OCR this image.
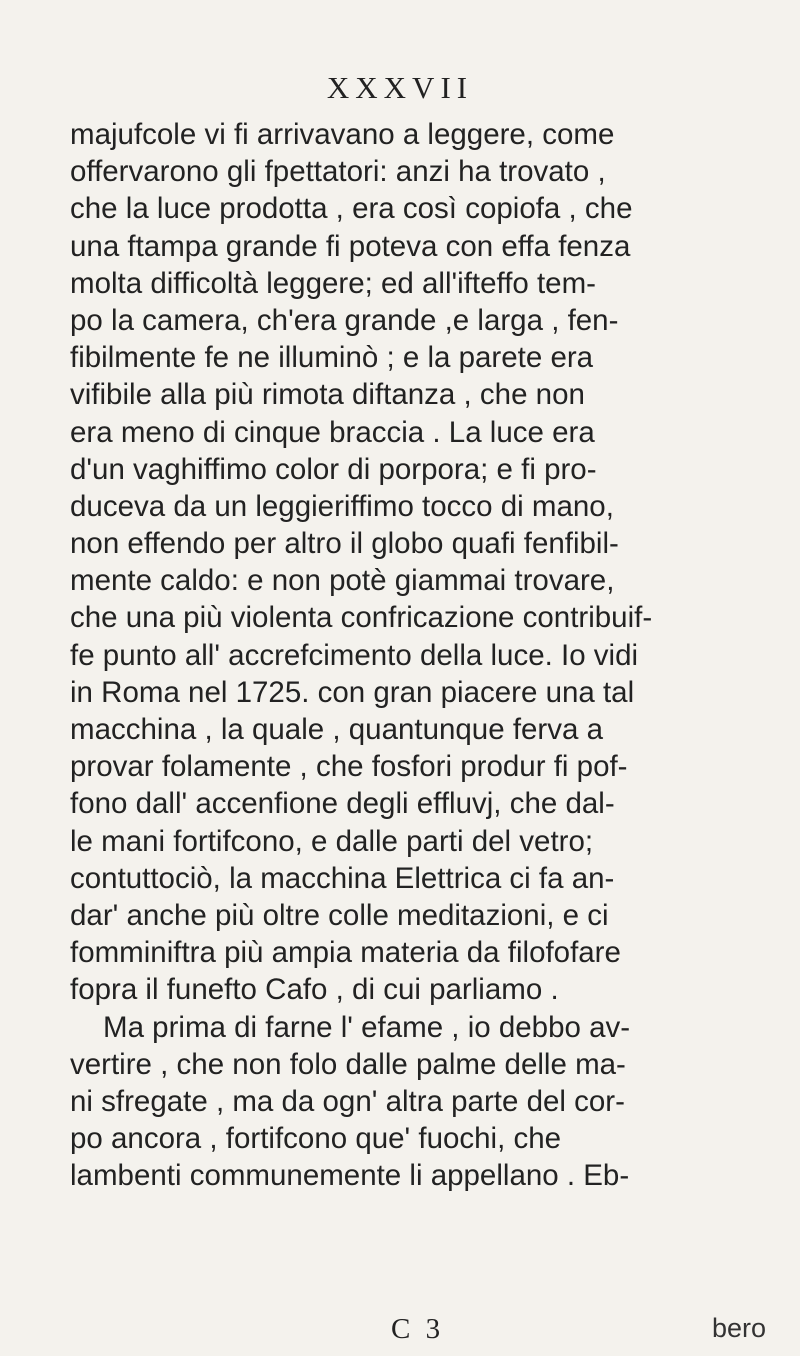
XXXVII
majufcole vi fi arrivavano a leggere, come
offervarono gli fpettatori: anzi ha trovato ,
che la luce prodotta , era così copiofa , che
una ftampa grande fi poteva con effa fenza
molta difficoltà leggere; ed all'ifteffo tem-
po la camera, ch'era grande ,e larga , fen-
fibilmente fe ne illuminò ; e la parete era
vifibile alla più rimota diftanza , che non
era meno di cinque braccia . La luce era
d'un vaghiffimo color di porpora; e fi pro-
duceva da un leggieriffimo tocco di mano,
non effendo per altro il globo quafi fenfibil-
mente caldo: e non potè giammai trovare,
che una più violenta confricazione contribuif-
fe punto all' accrefcimento della luce. Io vidi
in Roma nel 1725. con gran piacere una tal
macchina , la quale , quantunque ferva a
provar folamente , che fosfori produr fi pof-
fono dall' accenfione degli effluvj, che dal-
le mani fortifcono, e dalle parti del vetro;
contuttociò, la macchina Elettrica ci fa an-
dar' anche più oltre colle meditazioni, e ci
fomminiftra più ampia materia da filofofare
fopra il funefto Cafo , di cui parliamo .
Ma prima di farne l' efame , io debbo av-
vertire , che non folo dalle palme delle ma-
ni sfregate , ma da ogn' altra parte del cor-
po ancora , fortifcono que' fuochi, che
lambenti communemente li appellano . Eb-
C 3	bero
